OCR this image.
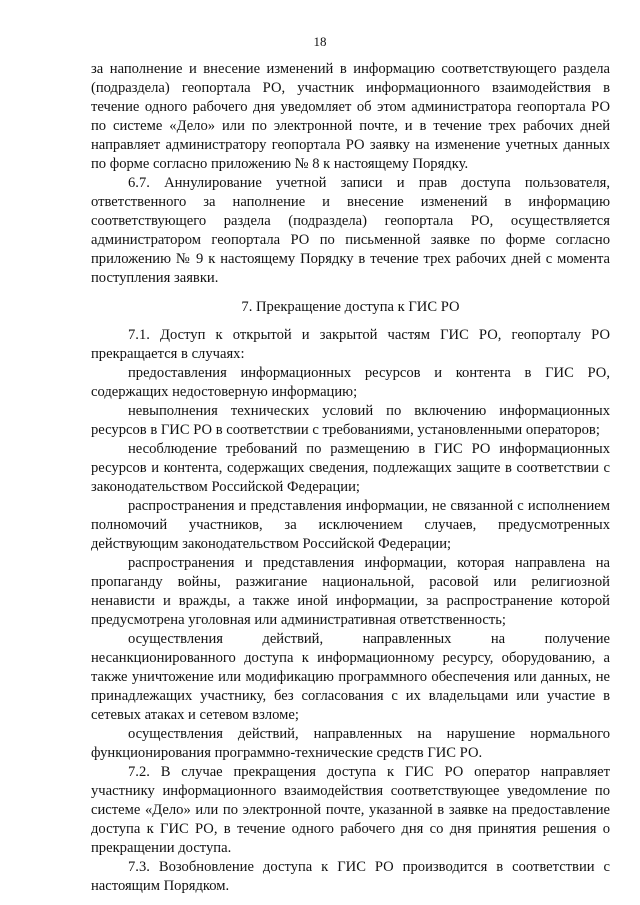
18

за наполнение и внесение изменений в информацию соответствующего раздела (подраздела) геопортала РО, участник информационного взаимодействия в течение одного рабочего дня уведомляет об этом администратора геопортала РО по системе «Дело» или по электронной почте, и в течение трех рабочих дней направляет администратору геопортала РО заявку на изменение учетных данных по форме согласно приложению № 8 к настоящему Порядку.

6.7. Аннулирование учетной записи и прав доступа пользователя, ответственного за наполнение и внесение изменений в информацию соответствующего раздела (подраздела) геопортала РО, осуществляется администратором геопортала РО по письменной заявке по форме согласно приложению № 9 к настоящему Порядку в течение трех рабочих дней с момента поступления заявки.

7. Прекращение доступа к ГИС РО

7.1. Доступ к открытой и закрытой частям ГИС РО, геопорталу РО прекращается в случаях:

предоставления информационных ресурсов и контента в ГИС РО, содержащих недостоверную информацию;

невыполнения технических условий по включению информационных ресурсов в ГИС РО в соответствии с требованиями, установленными операторов;

несоблюдение требований по размещению в ГИС РО информационных ресурсов и контента, содержащих сведения, подлежащих защите в соответствии с законодательством Российской Федерации;

распространения и представления информации, не связанной с исполнением полномочий участников, за исключением случаев, предусмотренных действующим законодательством Российской Федерации;

распространения и представления информации, которая направлена на пропаганду войны, разжигание национальной, расовой или религиозной ненависти и вражды, а также иной информации, за распространение которой предусмотрена уголовная или административная ответственность;

осуществления действий, направленных на получение несанкционированного доступа к информационному ресурсу, оборудованию, а также уничтожение или модификацию программного обеспечения или данных, не принадлежащих участнику, без согласования с их владельцами или участие в сетевых атаках и сетевом взломе;

осуществления действий, направленных на нарушение нормального функционирования программно-технические средств ГИС РО.

7.2. В случае прекращения доступа к ГИС РО оператор направляет участнику информационного взаимодействия соответствующее уведомление по системе «Дело» или по электронной почте, указанной в заявке на предоставление доступа к ГИС РО, в течение одного рабочего дня со дня принятия решения о прекращении доступа.

7.3. Возобновление доступа к ГИС РО производится в соответствии с настоящим Порядком.
